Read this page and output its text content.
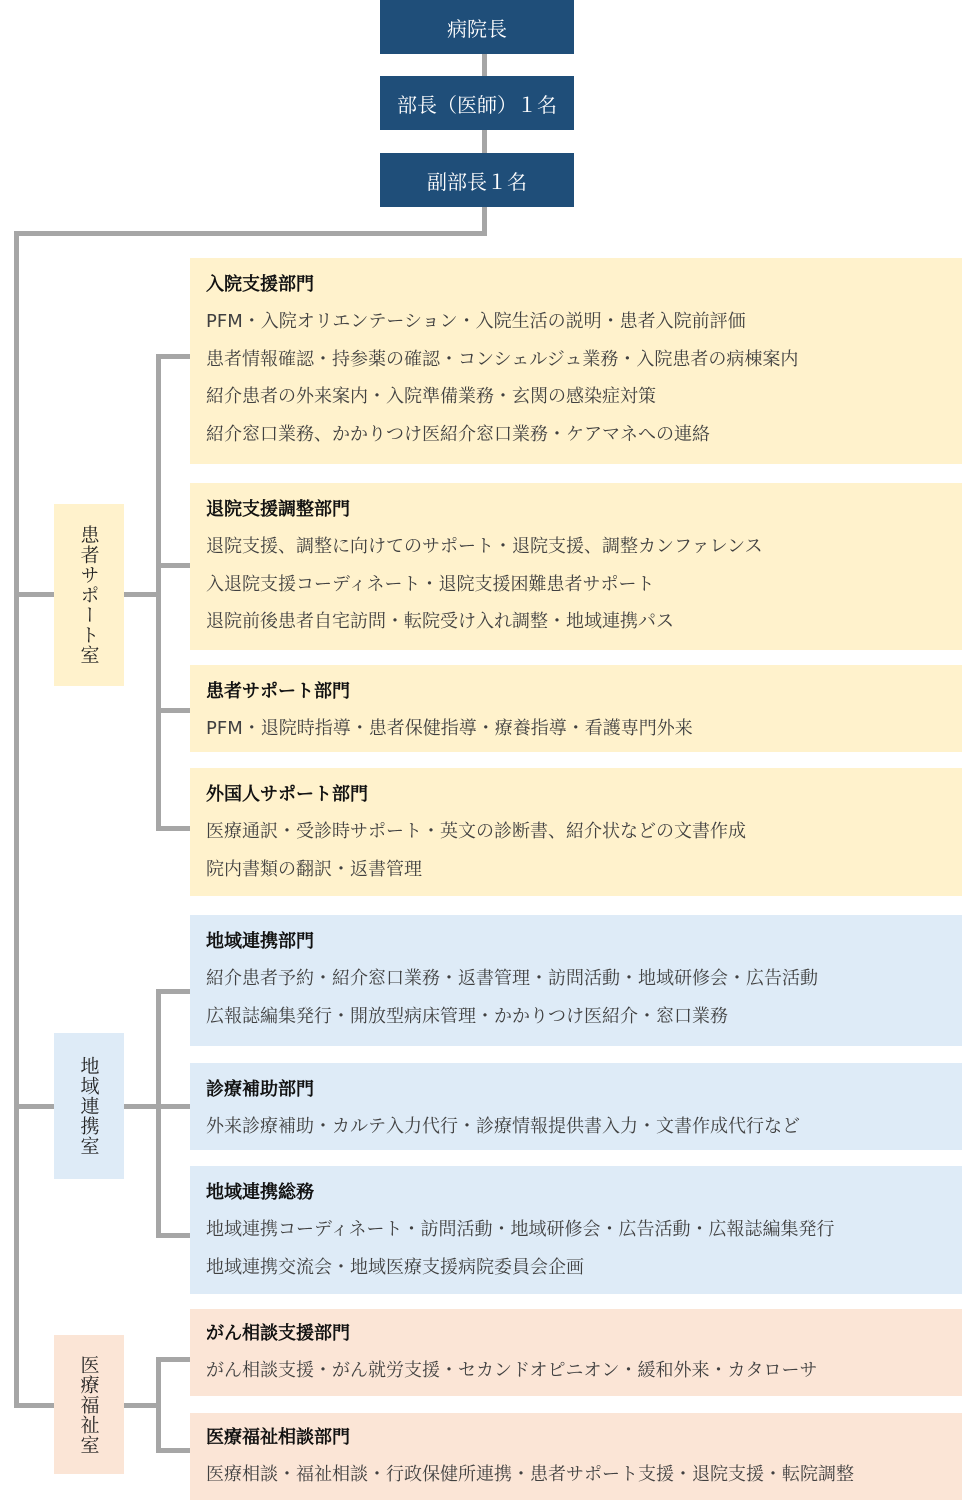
病院長
部長（医師）１名
副部長１名
患者サポート室
地域連携室
医療福祉室
入院支援部門
PFM・入院オリエンテーション・入院生活の説明・患者入院前評価
患者情報確認・持参薬の確認・コンシェルジュ業務・入院患者の病棟案内
紹介患者の外来案内・入院準備業務・玄関の感染症対策
紹介窓口業務、かかりつけ医紹介窓口業務・ケアマネへの連絡
退院支援調整部門
退院支援、調整に向けてのサポート・退院支援、調整カンファレンス
入退院支援コーディネート・退院支援困難患者サポート
退院前後患者自宅訪問・転院受け入れ調整・地域連携パス
患者サポート部門
PFM・退院時指導・患者保健指導・療養指導・看護専門外来
外国人サポート部門
医療通訳・受診時サポート・英文の診断書、紹介状などの文書作成
院内書類の翻訳・返書管理
地域連携部門
紹介患者予約・紹介窓口業務・返書管理・訪問活動・地域研修会・広告活動
広報誌編集発行・開放型病床管理・かかりつけ医紹介・窓口業務
診療補助部門
外来診療補助・カルテ入力代行・診療情報提供書入力・文書作成代行など
地域連携総務
地域連携コーディネート・訪問活動・地域研修会・広告活動・広報誌編集発行
地域連携交流会・地域医療支援病院委員会企画
がん相談支援部門
がん相談支援・がん就労支援・セカンドオピニオン・緩和外来・カタローサ
医療福祉相談部門
医療相談・福祉相談・行政保健所連携・患者サポート支援・退院支援・転院調整
